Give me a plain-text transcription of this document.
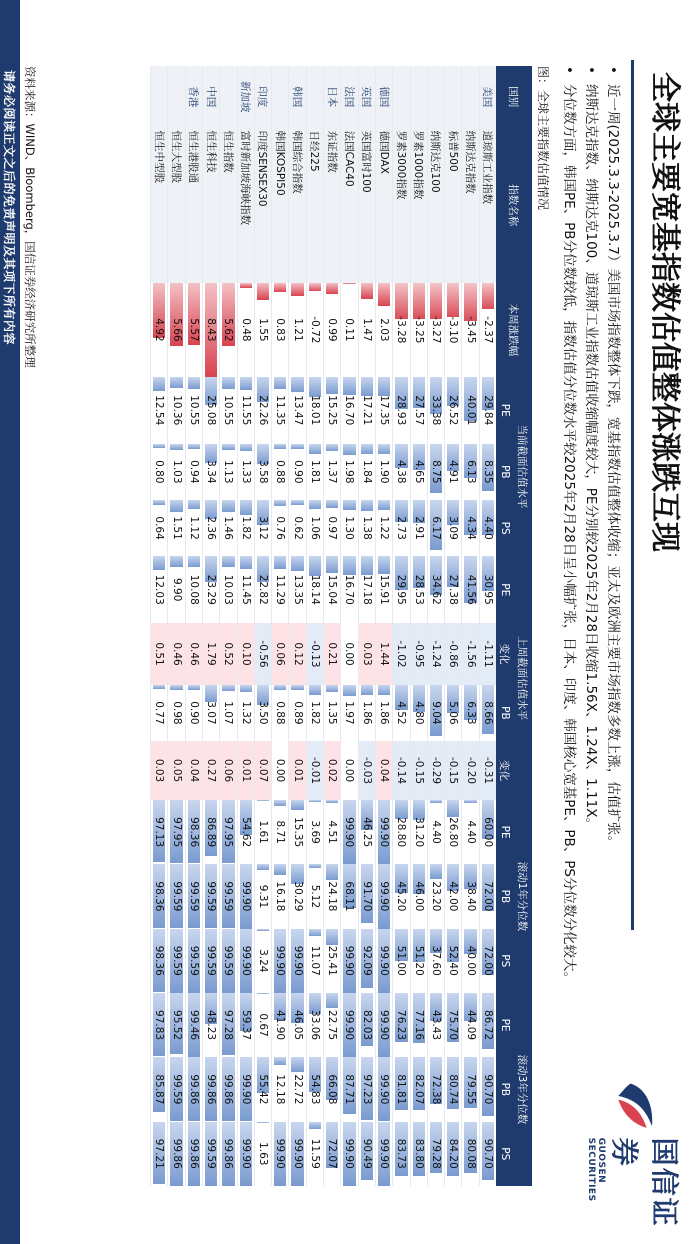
全球主要宽基指数估值整体涨跌互现
国信证券
GUOSEN SECURITIES
•
近一周(2025.3.3-2025.3.7）美国市场指数整体下跌，宽基指数估值整体收缩；亚太及欧洲主要市场指数多数上涨，估值扩张。
•
纳斯达克指数、纳斯达克100、道琼斯工业指数估值收缩幅度较大，PE分别较2025年2月28日收缩1.56X、1.24X、1.11X。
•
分位数方面，韩国PE、PB分位数较低，指数估值分位数水平较2025年2月28日呈小幅扩张，日本、印度、韩国核心宽基PE、PB、PS分位数分化较大。
图：全球主要指数估值情况
国别	指数名称	本周涨跌幅	当前截面估值水平			上周截面估值水平				滚动1年分位数			滚动3年分位数		
			PE	PB	PS	PE	变化	PB	变化	PE	PB	PS	PE	PB	PS
美国	道琼斯工业指数	-2.37	29.84	8.35	4.40	30.95	-1.11	8.66	-0.31	60.00	72.00	72.00	86.72	90.70	90.70
	纳斯达克指数	-3.45	40.01	6.13	4.34	41.56	-1.56	6.33	-0.20	4.40	38.40	40.00	44.09	79.55	80.08
	标普500	-3.10	26.52	4.91	3.09	27.38	-0.86	5.06	-0.15	26.80	42.00	52.40	75.70	80.74	84.20
	纳斯达克100	-3.27	33.38	8.75	6.17	34.62	-1.24	9.04	-0.29	4.40	23.20	37.60	43.43	72.38	79.28
	罗素1000指数	-3.25	27.57	4.65	2.91	28.53	-0.95	4.80	-0.15	31.20	46.00	51.20	77.16	82.07	83.80
	罗素3000指数	-3.28	28.93	4.38	2.73	29.95	-1.02	4.52	-0.14	28.80	45.20	51.00	76.23	81.81	83.73
德国	德国DAX	2.03	17.35	1.90	1.22	15.91	1.44	1.86	0.04	99.90	99.90	99.90	99.90	99.90	99.90
英国	英国富时100	1.47	17.21	1.84	1.38	17.18	0.03	1.86	-0.03	46.25	91.70	92.09	82.03	97.23	90.49
法国	法国CAC40	0.11	16.70	1.98	1.30	16.70	0.00	1.97	0.00	99.90	68.11	99.90	99.90	87.71	99.90
日本	东证指数	0.99	15.25	1.37	0.97	15.04	0.21	1.35	0.02	4.51	24.18	25.41	22.75	66.08	72.07
	日经225	-0.72	18.01	1.81	1.06	18.14	-0.13	1.82	-0.01	3.69	5.12	11.07	33.06	54.83	11.59
韩国	韩国综合指数	1.21	13.47	0.90	0.62	13.35	0.12	0.89	0.01	15.35	30.29	99.90	46.05	22.72	99.90
	韩国KOSPI50	0.83	11.35	0.88	0.76	11.29	0.06	0.88	0.00	8.71	16.18	99.90	41.90	12.18	99.90
印度	印度SENSEX30	1.55	22.26	3.58	3.12	22.82	-0.56	3.50	0.07	1.61	9.31	3.24	0.67	55.42	1.63
新加坡	富时新加坡海峡指数	0.48	11.55	1.33	1.82	11.45	0.10	1.32	0.01	54.62	99.90	99.90	59.37	99.90	99.90
	恒生指数	5.62	10.55	1.13	1.46	10.03	0.52	1.07	0.06	97.95	99.59	99.59	97.28	99.86	99.86
中国	恒生科技	8.43	25.08	3.34	2.36	23.29	1.79	3.07	0.27	86.89	99.59	99.59	48.23	99.86	99.59
香港	恒生港股通	5.57	10.55	0.94	1.12	10.08	0.46	0.90	0.04	98.36	99.59	99.59	99.46	99.86	99.86
	恒生大型股	5.66	10.36	1.03	1.51	9.90	0.46	0.98	0.05	97.95	99.59	99.59	95.52	99.59	99.86
	恒生中型股	4.92	12.54	0.80	0.64	12.03	0.51	0.77	0.03	97.13	98.36	98.36	97.83	85.87	97.21
资料来源：WIND、Bloomberg，国信证券经济研究所整理
请务必阅读正文之后的免责声明及其项下所有内容
